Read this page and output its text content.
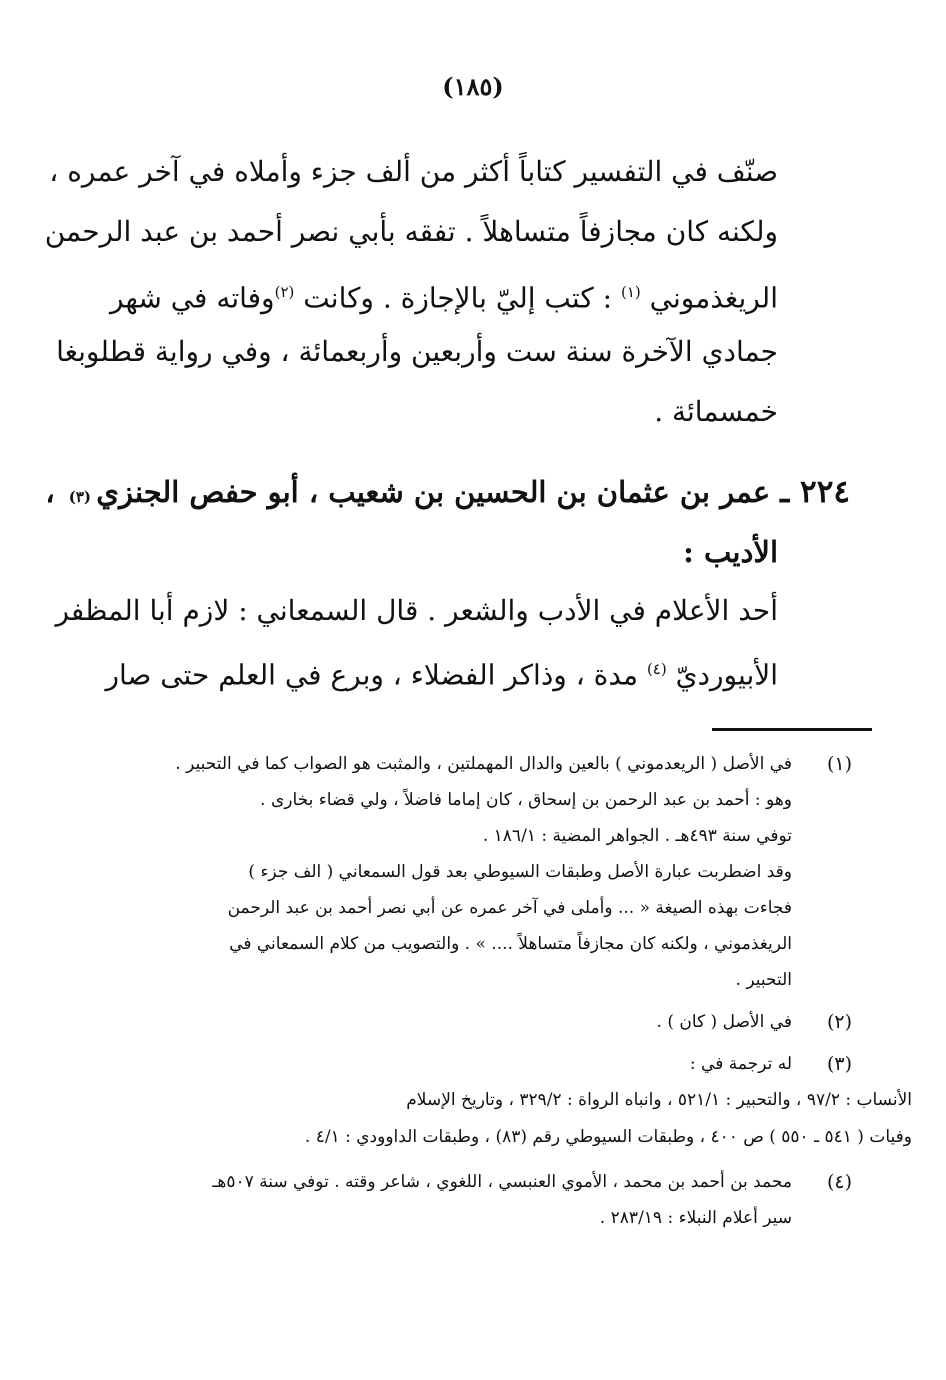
(١٨٥)
صنّف في التفسير كتاباً أكثر من ألف جزء وأملاه في آخر عمره ،
ولكنه كان مجازفاً متساهلاً . تفقه بأبي نصر أحمد بن عبد الرحمن
الريغذموني $^{(١)}$ : كتب إليّ بالإجازة . وكانت $^{(٢)}$وفاته في شهر
جمادي الآخرة سنة ست وأربعين وأربعمائة ، وفي رواية قطلوبغا
خمسمائة .
٢٢٤ ـ
عمر بن عثمان بن الحسين بن شعيب ، أبو حفص الجنزي
(٣)
،
الأديب :
أحد الأعلام في الأدب والشعر . قال السمعاني : لازم أبا المظفر
الأبيورديّ $^{(٤)}$ مدة ، وذاكر الفضلاء ، وبرع في العلم حتى صار
(١)
في الأصل ( الريعدموني ) بالعين والدال المهملتين ، والمثبت هو الصواب كما في التحبير .
وهو : أحمد بن عبد الرحمن بن إسحاق ، كان إماما فاضلاً ، ولي قضاء بخارى .
توفي سنة ٤٩٣هـ . الجواهر المضية : ١٨٦/١ .
وقد اضطربت عبارة الأصل وطبقات السيوطي بعد قول السمعاني ( الف جزء )
فجاءت بهذه الصيغة « ... وأملى في آخر عمره عن أبي نصر أحمد بن عبد الرحمن
الريغذموني ، ولكنه كان مجازفاً متساهلاً .... » . والتصويب من كلام السمعاني في
التحبير .
(٢)
في الأصل ( كان ) .
(٣)
له ترجمة في :
الأنساب : ٩٧/٢ ، والتحبير : ٥٢١/١ ، وانباه الرواة : ٣٢٩/٢ ، وتاريخ الإسلام
وفيات ( ٥٤١ ـ ٥٥٠ ) ص ٤٠٠ ، وطبقات السيوطي رقم (٨٣) ، وطبقات الداوودي : ٤/١ .
(٤)
محمد بن أحمد بن محمد ، الأموي العنبسي ، اللغوي ، شاعر وقته . توفي سنة ٥٠٧هـ
سير أعلام النبلاء : ٢٨٣/١٩ .
